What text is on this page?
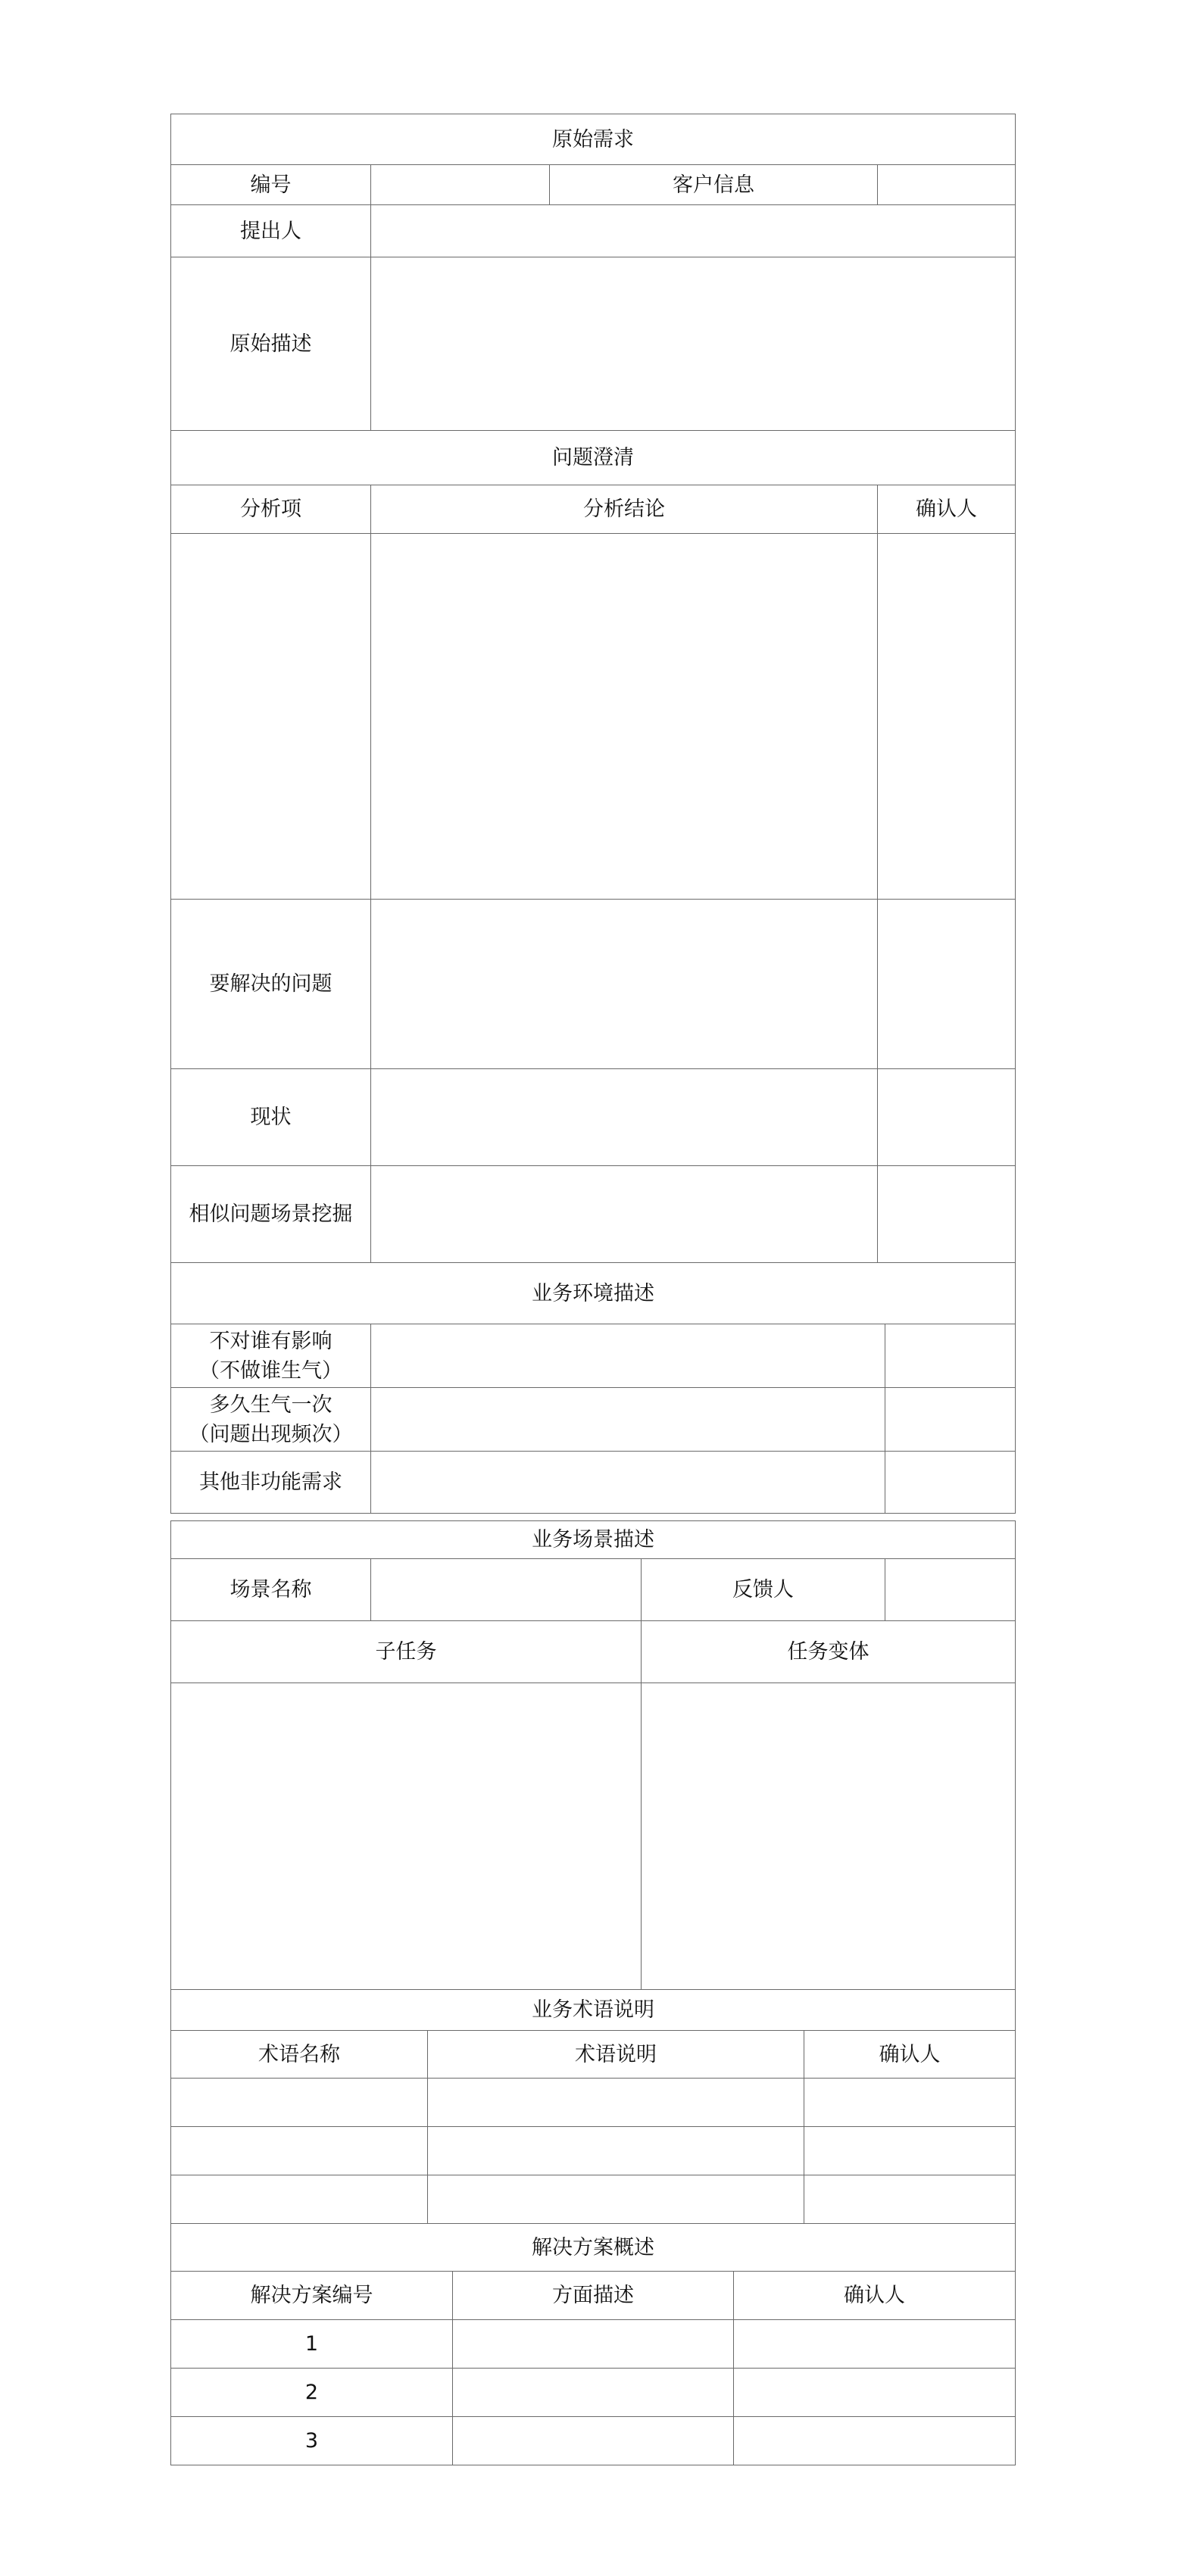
原始需求			
编号		客户信息	
提出人			
原始描述			
问题澄清			
分析项	分析结论		确认人

要解决的问题			
现状			
相似问题场景挖掘			
业务环境描述			
不对谁有影响
（不做谁生气）		
多久生气一次
（问题出现频次）		
其他非功能需求		
业务场景描述			
场景名称		反馈人	
子任务		任务变体	

业务术语说明			
术语名称	术语说明	确认人

解决方案概述		
解决方案编号	方面描述	确认人
1		
2		
3		
